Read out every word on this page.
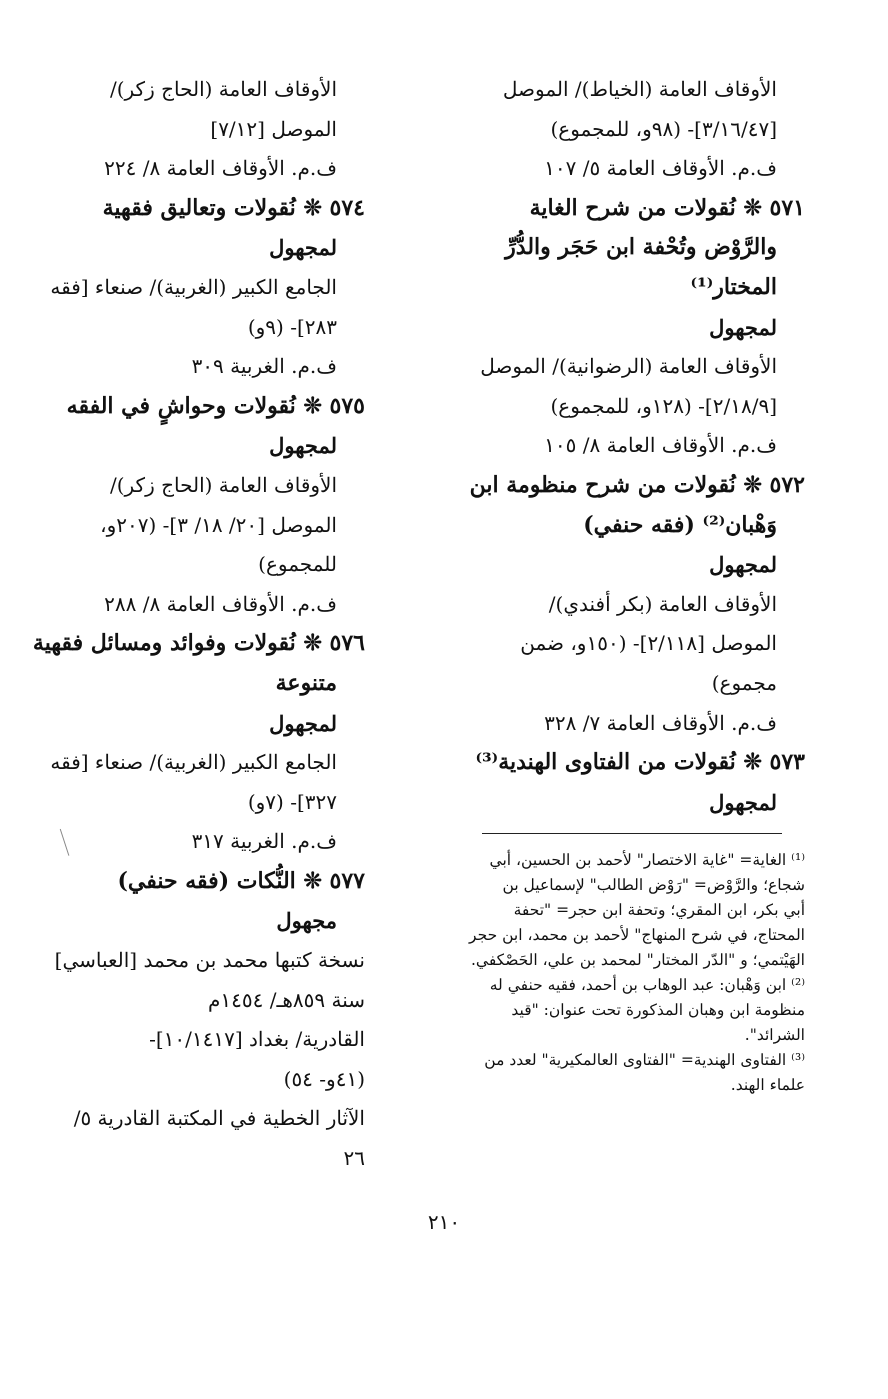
الأوقاف العامة (الخياط)/ الموصل
[٣/١٦/٤٧]- (٩٨و، للمجموع)
ف.م. الأوقاف العامة ٥/ ١٠٧
٥٧١ ❊ نُقولات من شرح الغاية
والرَّوْض وتُحْفة ابن حَجَر والدُّرِّ
المختار⁽¹⁾
لمجهول
الأوقاف العامة (الرضوانية)/ الموصل
[٢/١٨/٩]- (١٢٨و، للمجموع)
ف.م. الأوقاف العامة ٨/ ١٠٥
٥٧٢ ❊ نُقولات من شرح منظومة ابن
وَهْبان⁽²⁾ (فقه حنفي)
لمجهول
الأوقاف العامة (بكر أفندي)/
الموصل [٢/١١٨]- (١٥٠و، ضمن
مجموع)
ف.م. الأوقاف العامة ٧/ ٣٢٨
٥٧٣ ❊ نُقولات من الفتاوى الهندية⁽³⁾
لمجهول
الأوقاف العامة (الحاج زكر)/
الموصل [٧/١٢]
ف.م. الأوقاف العامة ٨/ ٢٢٤
٥٧٤ ❊ نُقولات وتعاليق فقهية
لمجهول
الجامع الكبير (الغربية)/ صنعاء [فقه
٢٨٣]- (٩و)
ف.م. الغربية ٣٠٩
٥٧٥ ❊ نُقولات وحواشٍ في الفقه
لمجهول
الأوقاف العامة (الحاج زكر)/
الموصل [٢٠/ ١٨/ ٣]- (٢٠٧و،
للمجموع)
ف.م. الأوقاف العامة ٨/ ٢٨٨
٥٧٦ ❊ نُقولات وفوائد ومسائل فقهية
متنوعة
لمجهول
الجامع الكبير (الغربية)/ صنعاء [فقه
٣٢٧]- (٧و)
ف.م. الغربية ٣١٧
٥٧٧ ❊ النُّكات (فقه حنفي)
مجهول
نسخة كتبها محمد بن محمد [العباسي]
سنة ٨٥٩هـ/ ١٤٥٤م
القادرية/ بغداد [١٠/١٤١٧]-
(٤١و- ٥٤)
الآثار الخطية في المكتبة القادرية ٥/
٢٦
⁽¹⁾ الغاية= "غاية الاختصار" لأحمد بن الحسين، أبي
شجاع؛ والرَّوْض= "رَوْض الطالب" لإسماعيل بن
أبي بكر، ابن المقري؛ وتحفة ابن حجر= "تحفة
المحتاج، في شرح المنهاج" لأحمد بن محمد، ابن حجر
الهَيْتمي؛ و "الدّر المختار" لمحمد بن علي، الحَصْكفي.
⁽²⁾ ابن وَهْبان: عبد الوهاب بن أحمد، فقيه حنفي له
منظومة ابن وهبان المذكورة تحت عنوان: "قيد
الشرائد".
⁽³⁾ الفتاوى الهندية= "الفتاوى العالمكيرية" لعدد من
علماء الهند.
٢١٠
